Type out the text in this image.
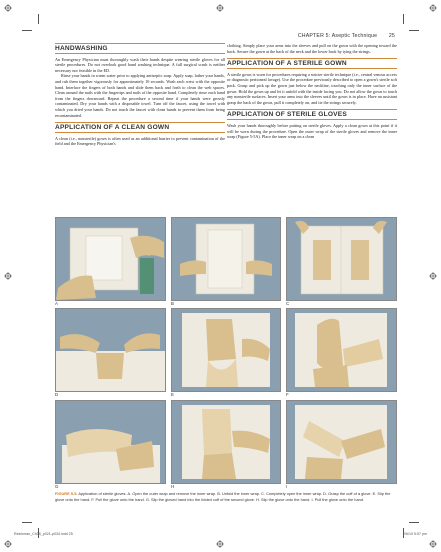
CHAPTER 5: Aseptic Technique 25
HANDWASHING

An Emergency Physician must thoroughly wash their hands despite wearing sterile gloves for all sterile procedures. Do not overlook good hand washing technique. A full surgical scrub is neither necessary nor feasible in the ED.

Rinse your hands in warm water prior to applying antiseptic soap. Apply soap, lather your hands, and rub them together vigorously for approximately 10 seconds. Wash each wrist with the opposite hand. Interlace the fingers of both hands and slide them back and forth to clean the web spaces. Clean around the nails with the fingertips and nails of the opposite hand. Completely rinse each hand from the fingers downward. Repeat the procedure a second time if your hands were grossly contaminated. Dry your hands with a disposable towel. Turn off the faucet, using the towel with which you dried your hands. Do not touch the faucet with clean hands to prevent them from being recontaminated.

APPLICATION OF A CLEAN GOWN

A clean (i.e., nonsterile) gown is often used as an additional barrier to prevent contamination of the field and the Emergency Physician's

clothing. Simply place your arms into the sleeves and pull on the gown with the opening toward the back. Secure the gown at the back of the neck and the lower back by tying the strings.

APPLICATION OF A STERILE GOWN

A sterile gown is worn for procedures requiring a stricter sterile technique (i.e., central venous access or diagnostic peritoneal lavage). Use the procedure previously described to open a gown's sterile soft pack. Grasp and pick up the gown just below the neckline, touching only the inner surface of the gown. Hold the gown up and let it unfold with the inside facing you. Do not allow the gown to touch any nonsterile surfaces. Insert your arms into the sleeves until the gown is in place. Have an assistant grasp the back of the gown, pull it completely on, and tie the strings securely.

APPLICATION OF STERILE GLOVES

Wash your hands thoroughly before putting on sterile gloves. Apply a clean gown at this point if it will be worn during the procedure. Open the outer wrap of the sterile gloves and remove the inner wrap (Figure 5-5A). Place the inner wrap on a clean

A	B	C
D	E	F
G	H	I
FIGURE 5-5. Application of sterile gloves. A. Open the outer wrap and remove the inner wrap. B. Unfold the inner wrap. C. Completely open the inner wrap. D. Grasp the cuff of a glove. E. Slip the glove onto the hand. F. Pull the glove onto the hand. G. Slip the gloved hand into the folded cuff of the second glove. H. Slip the glove onto the hand. I. Pull the glove onto the hand.
Reichman_Ch05_p021-p034.indd 25	2/6/10 5:57 pm
